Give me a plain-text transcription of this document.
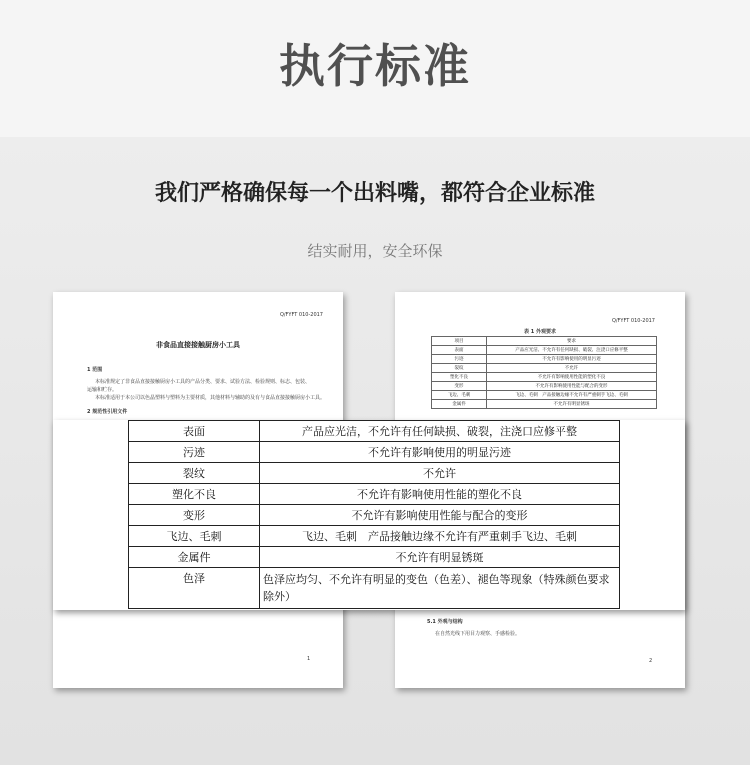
执行标准
我们严格确保每一个出料嘴，都符合企业标准
结实耐用，安全环保
Q/FYFT 010-2017
非食品直接接触厨房小工具
1 范围
本标准规定了非食品直接接触厨房小工具的产品分类、要求、试验方法、检验规则、标志、包装、
运输和贮存。
本标准适用于本公司以色晶塑料与塑料为主要材质，其他材料与辅助的及有与食品直接接触厨房小工具。
2 规范性引用文件
1
Q/FYFT 010-2017
表 1 外观要求
项目	要求
表面	产品应光洁、不允许有任何缺损、破裂、注浇口应修平整
污迹	不允许有影响使用的明显污迹
裂纹	不允许
塑化不良	不允许有影响使用性能的塑化不良
变形	不允许有影响使用性能与配合的变形
飞边、毛刺	飞边、毛刺　产品接触边缘不允许有严重刺手飞边、毛刺
金属件	不允许有明显锈斑
5.1 外观与结构
在自然光线下用目力观察、手感检验。
2
表面	产品应光洁，不允许有任何缺损、破裂，注浇口应修平整
污迹	不允许有影响使用的明显污迹
裂纹	不允许
塑化不良	不允许有影响使用性能的塑化不良
变形	不允许有影响使用性能与配合的变形
飞边、毛刺	飞边、毛刺　产品接触边缘不允许有严重刺手飞边、毛刺
金属件	不允许有明显锈斑
色泽	色泽应均匀、不允许有明显的变色（色差）、褪色等现象（特殊颜色要求除外）
